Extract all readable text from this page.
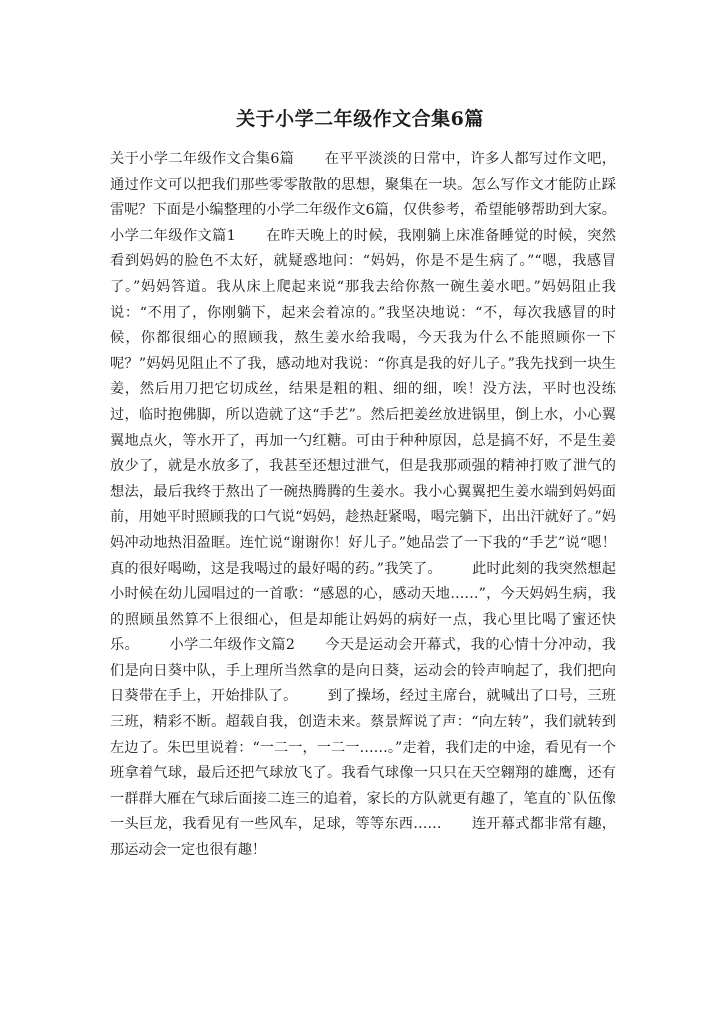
关于小学二年级作文合集6篇

关于小学二年级作文合集6篇 在平平淡淡的日常中，许多人都写过作文吧，通过作文可以把我们那些零零散散的思想，聚集在一块。怎么写作文才能防止踩雷呢？下面是小编整理的小学二年级作文6篇，仅供参考，希望能够帮助到大家。小学二年级作文篇1 在昨天晚上的时候，我刚躺上床准备睡觉的时候，突然看到妈妈的脸色不太好，就疑惑地问：“妈妈，你是不是生病了。”“嗯，我感冒了。”妈妈答道。我从床上爬起来说“那我去给你熬一碗生姜水吧。”妈妈阻止我说：“不用了，你刚躺下，起来会着凉的。”我坚决地说：“不，每次我感冒的时候，你都很细心的照顾我，熬生姜水给我喝，今天我为什么不能照顾你一下呢？”妈妈见阻止不了我，感动地对我说：“你真是我的好儿子。”我先找到一块生姜，然后用刀把它切成丝，结果是粗的粗、细的细，唉！没方法，平时也没练过，临时抱佛脚，所以造就了这“手艺”。然后把姜丝放进锅里，倒上水，小心翼翼地点火，等水开了，再加一勺红糖。可由于种种原因，总是搞不好，不是生姜放少了，就是水放多了，我甚至还想过泄气，但是我那顽强的精神打败了泄气的想法，最后我终于熬出了一碗热腾腾的生姜水。我小心翼翼把生姜水端到妈妈面前，用她平时照顾我的口气说“妈妈，趁热赶紧喝，喝完躺下，出出汗就好了。”妈妈冲动地热泪盈眶。连忙说“谢谢你！好儿子。”她品尝了一下我的“手艺”说“嗯！真的很好喝呦，这是我喝过的最好喝的药。”我笑了。 此时此刻的我突然想起小时候在幼儿园唱过的一首歌：“感恩的心，感动天地……”，今天妈妈生病，我的照顾虽然算不上很细心，但是却能让妈妈的病好一点，我心里比喝了蜜还快乐。 小学二年级作文篇2 今天是运动会开幕式，我的心情十分冲动，我们是向日葵中队，手上理所当然拿的是向日葵，运动会的铃声响起了，我们把向日葵带在手上，开始排队了。 到了操场，经过主席台，就喊出了口号，三班三班，精彩不断。超载自我，创造未来。蔡景辉说了声：“向左转”，我们就转到左边了。朱巴里说着：“一二一，一二一……。”走着，我们走的中途，看见有一个班拿着气球，最后还把气球放飞了。我看气球像一只只在天空翱翔的雄鹰，还有一群群大雁在气球后面接二连三的追着，家长的方队就更有趣了，笔直的`队伍像一头巨龙，我看见有一些风车，足球，等等东西…… 连开幕式都非常有趣，那运动会一定也很有趣！
